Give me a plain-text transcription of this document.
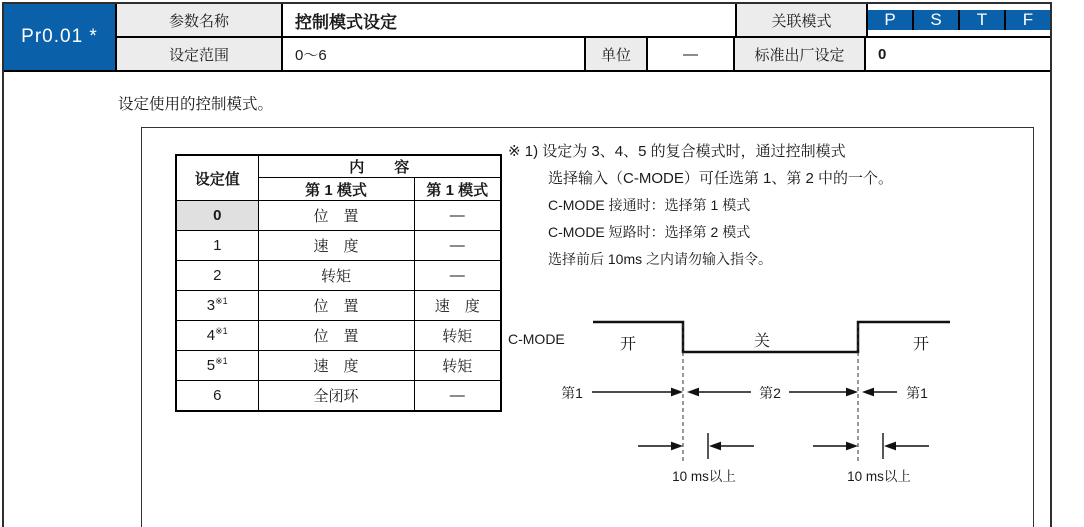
Pr0.01 *
参数名称	控制模式设定	关联模式	P	S	T	F
设定范围	0～6	单位	—	标准出厂设定	0
设定使用的控制模式。
设定值	内　　容	
	第 1 模式	第 1 模式
0	位　置	—
1	速　度	—
2	转矩	—
3$^{※1}$	位　置	速　度
4$^{※1}$	位　置	转矩
5$^{※1}$	速　度	转矩
6	全闭环	—
※ 1) 设定为 3、4、5 的复合模式时，通过控制模式
选择输入（C-MODE）可任选第 1、第 2 中的一个。
C-MODE 接通时：选择第 1 模式
C-MODE 短路时：选择第 2 模式
选择前后 10ms 之内请勿输入指令。
C-MODE	开	关	开
第1	第2	第1
10 ms以上	10 ms以上
